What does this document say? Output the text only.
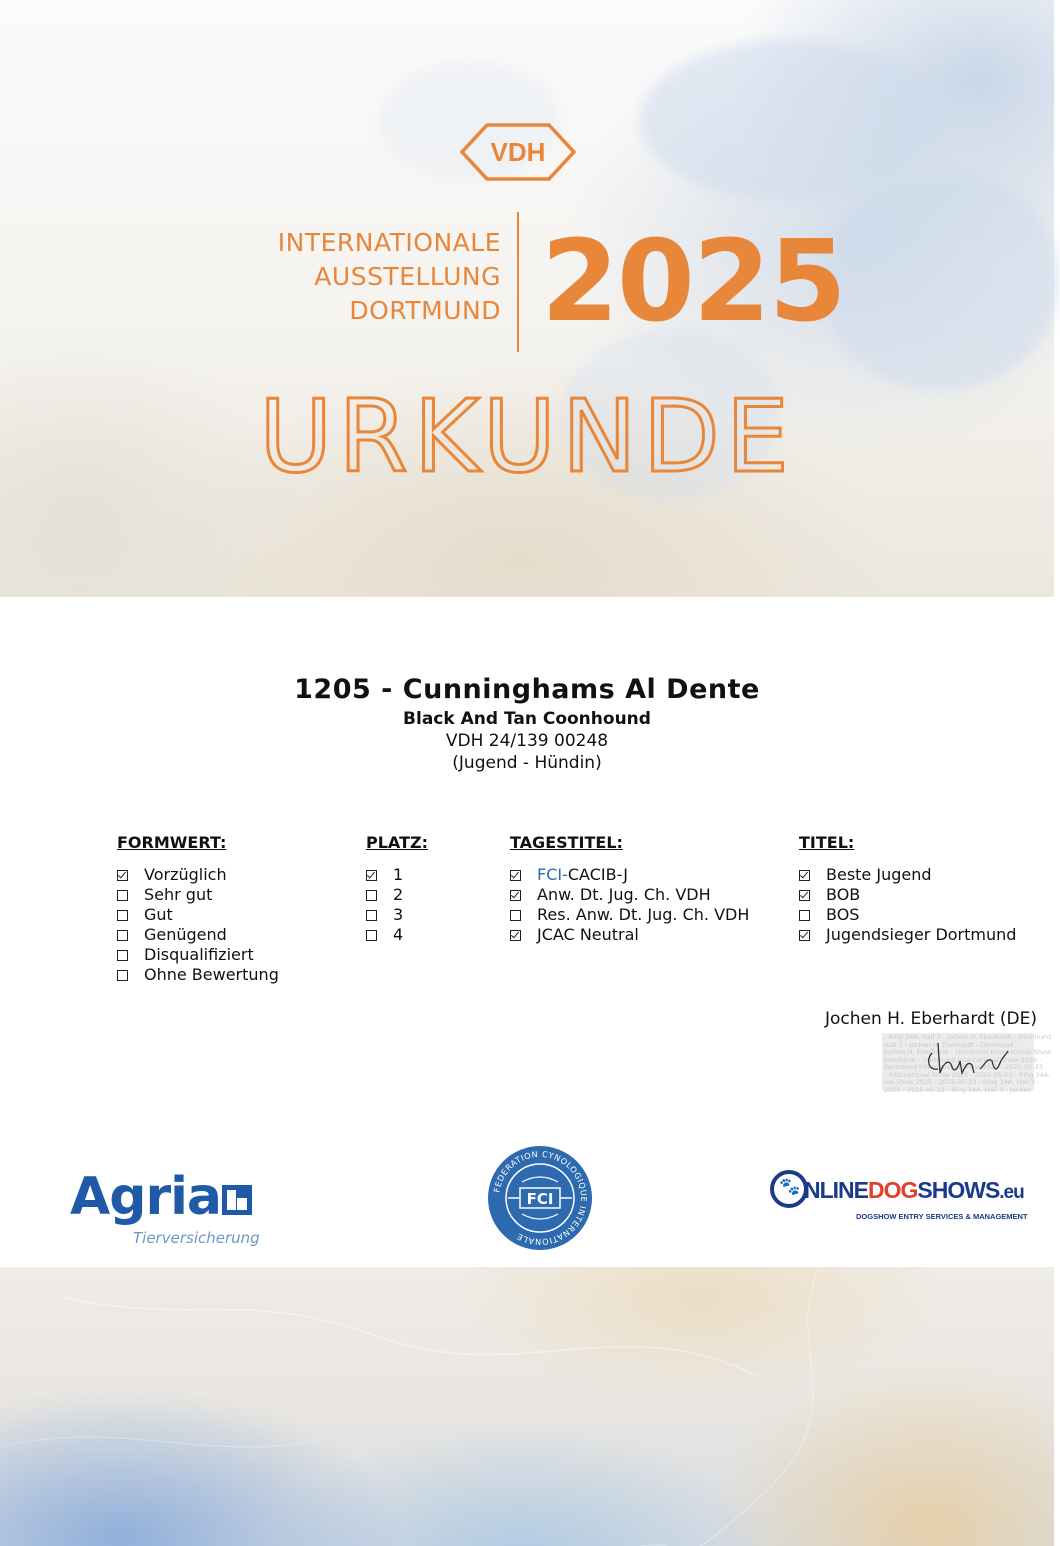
VDH
INTERNATIONALE
AUSSTELLUNG
DORTMUND 2025
URKUNDE
1205 - Cunninghams Al Dente
Black And Tan Coonhound
VDH 24/139 00248
(Jugend - Hündin)
FORMWERT:
Vorzüglich
Sehr gut
Gut
Genügend
Disqualifiziert
Ohne Bewertung
PLATZ:
1
2
3
4
TAGESTITEL:
FCI- CACIB-J
Anw. Dt. Jug. Ch. VDH
Res. Anw. Dt. Jug. Ch. VDH
JCAC Neutral
TITEL:
Beste Jugend
BOB
BOS
Jugendsieger Dortmund
Jochen H. Eberhardt (DE)
- Ring 34A, Hall 3 - Jochen H. Eberhardt - Dortmund
Hall 3 - Jochen H. Eberhardt - Dortmund -
Jochen H. Eberhardt - Dortmund International Show
Eberhardt - Dortmund International Show 2025 -
Dortmund International Show 2025 - 2025-05-23 -
- International Show 2025 - 2025-05-23 - Ring 34A,
nal Show 2025 - 2025-05-23 - Ring 34A, Hall 3 -
2025 - 2025-05-23 - Ring 34A, Hall 3 - Jochen
Agria
Tierversicherung
FEDERATION CYNOLOGIQUE INTERNATIONALE
FCI
🐾 NLINEDOGSHOWS.eu
DOGSHOW ENTRY SERVICES & MANAGEMENT
